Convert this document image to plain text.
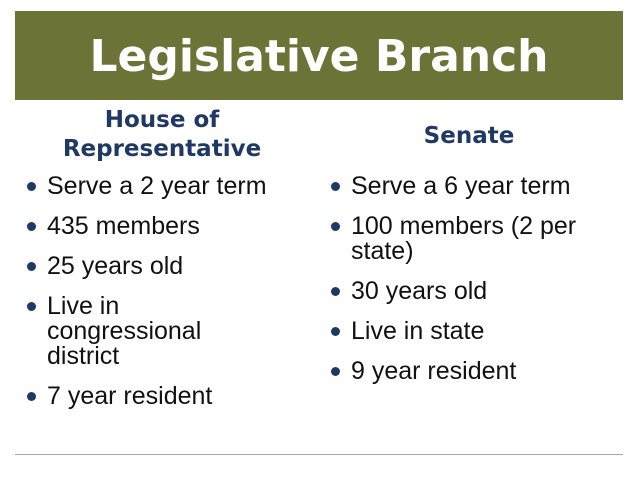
Legislative Branch
House of
Representative	Senate
Serve a 2 year term
435 members
25 years old
Live in congressional district
7 year resident
Serve a 6 year term
100 members (2 per state)
30 years old
Live in state
9 year resident
